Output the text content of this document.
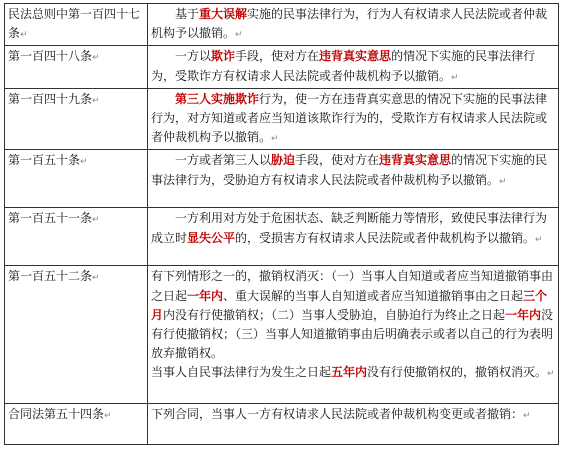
民法总则中第一百四十七条↵	基于重大误解实施的民事法律行为，行为人有权请求人民法院或者仲裁机构予以撤销。↵
第一百四十八条↵	一方以欺诈手段，使对方在违背真实意思的情况下实施的民事法律行为，受欺诈方有权请求人民法院或者仲裁机构予以撤销。↵
第一百四十九条↵	第三人实施欺诈行为，使一方在违背真实意思的情况下实施的民事法律行为，对方知道或者应当知道该欺诈行为的，受欺诈方有权请求人民法院或者仲裁机构予以撤销。↵
第一百五十条↵	一方或者第三人以胁迫手段，使对方在违背真实意思的情况下实施的民事法律行为，受胁迫方有权请求人民法院或者仲裁机构予以撤销。↵
第一百五十一条↵	一方利用对方处于危困状态、缺乏判断能力等情形，致使民事法律行为成立时显失公平的，受损害方有权请求人民法院或者仲裁机构予以撤销。↵
第一百五十二条↵	有下列情形之一的，撤销权消灭：（一）当事人自知道或者应当知道撤销事由之日起一年内、重大误解的当事人自知道或者应当知道撤销事由之日起三个月内没有行使撤销权；（二）当事人受胁迫，自胁迫行为终止之日起一年内没有行使撤销权；（三）当事人知道撤销事由后明确表示或者以自己的行为表明放弃撤销权。
当事人自民事法律行为发生之日起五年内没有行使撤销权的，撤销权消灭。↵
合同法第五十四条↵	下列合同，当事人一方有权请求人民法院或者仲裁机构变更或者撤销：↵
